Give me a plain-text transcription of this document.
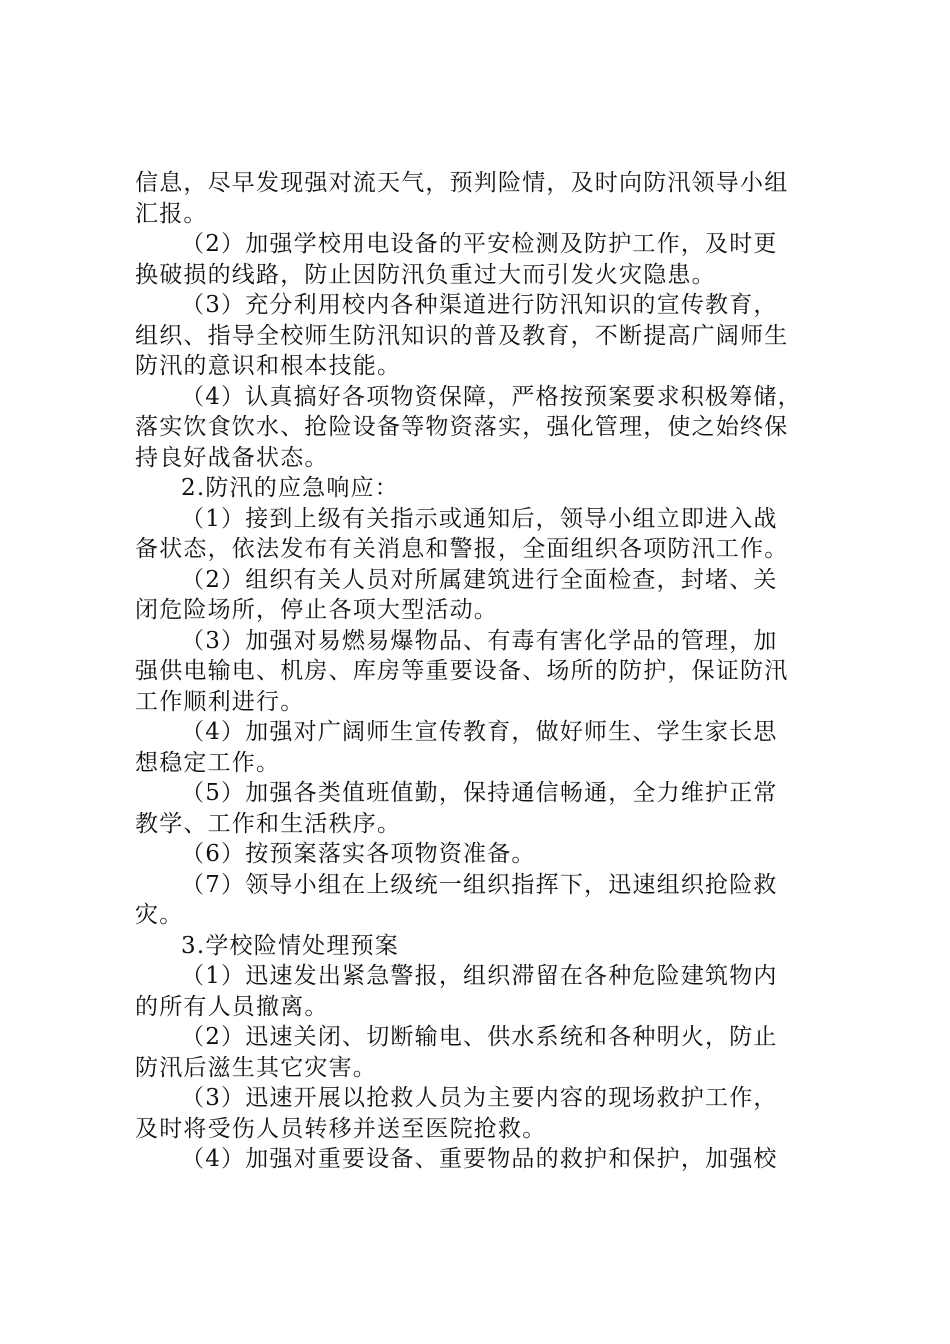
信息，尽早发现强对流天气，预判险情，及时向防汛领导小组
汇报。
（2）加强学校用电设备的平安检测及防护工作，及时更
换破损的线路，防止因防汛负重过大而引发火灾隐患。
（3）充分利用校内各种渠道进行防汛知识的宣传教育，
组织、指导全校师生防汛知识的普及教育，不断提高广阔师生
防汛的意识和根本技能。
（4）认真搞好各项物资保障，严格按预案要求积极筹储，
落实饮食饮水、抢险设备等物资落实，强化管理，使之始终保
持良好战备状态。
2.防汛的应急响应：
（1）接到上级有关指示或通知后，领导小组立即进入战
备状态，依法发布有关消息和警报，全面组织各项防汛工作。
（2）组织有关人员对所属建筑进行全面检查，封堵、关
闭危险场所，停止各项大型活动。
（3）加强对易燃易爆物品、有毒有害化学品的管理，加
强供电输电、机房、库房等重要设备、场所的防护，保证防汛
工作顺利进行。
（4）加强对广阔师生宣传教育，做好师生、学生家长思
想稳定工作。
（5）加强各类值班值勤，保持通信畅通，全力维护正常
教学、工作和生活秩序。
（6）按预案落实各项物资准备。
（7）领导小组在上级统一组织指挥下，迅速组织抢险救
灾。
3.学校险情处理预案
（1）迅速发出紧急警报，组织滞留在各种危险建筑物内
的所有人员撤离。
（2）迅速关闭、切断输电、供水系统和各种明火，防止
防汛后滋生其它灾害。
（3）迅速开展以抢救人员为主要内容的现场救护工作，
及时将受伤人员转移并送至医院抢救。
（4）加强对重要设备、重要物品的救护和保护，加强校
